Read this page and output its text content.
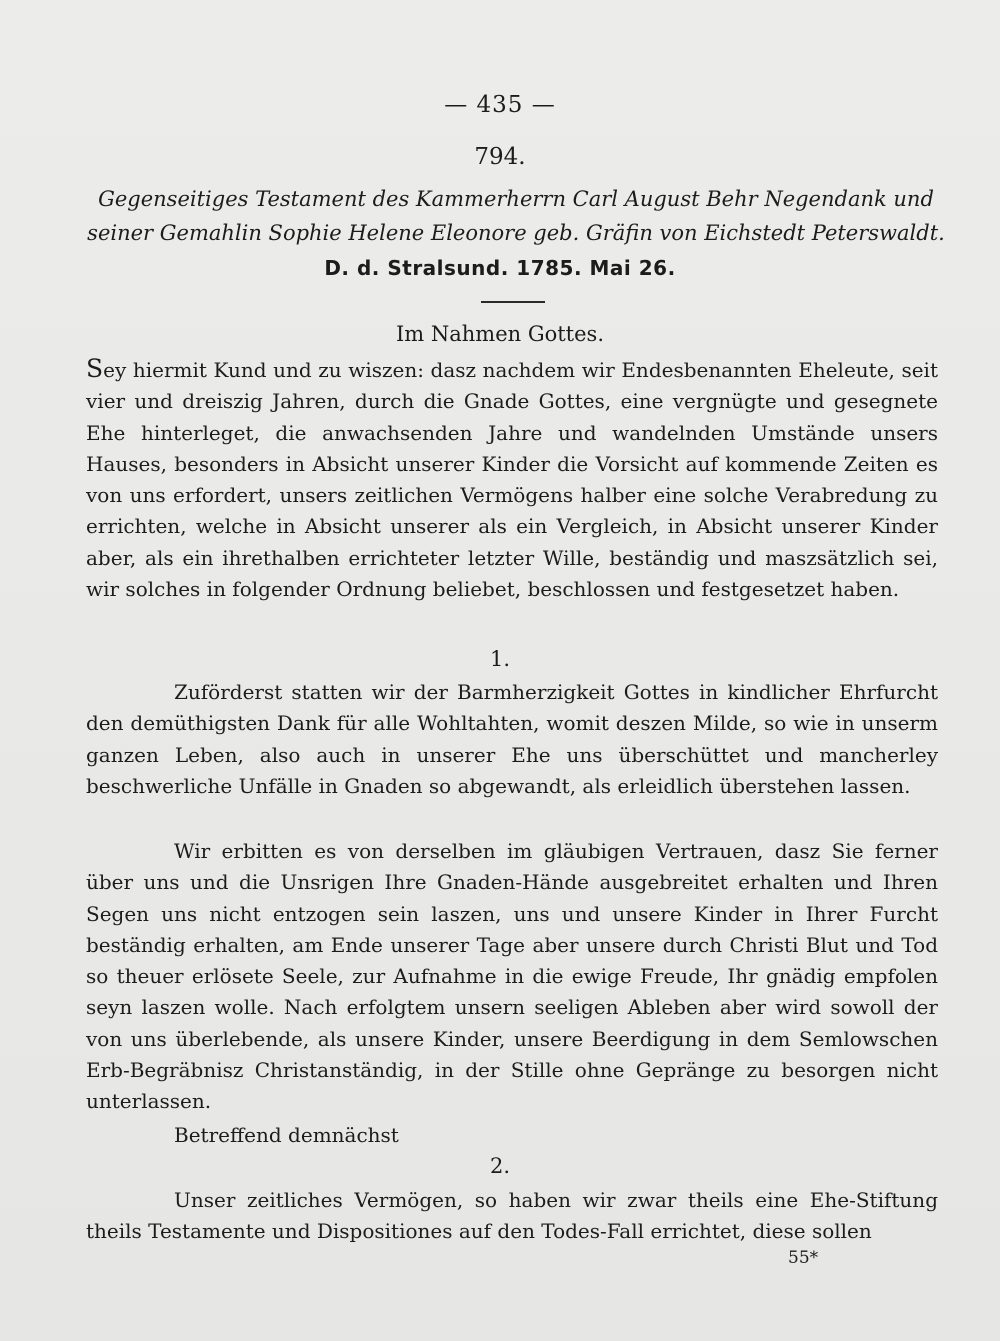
— 435 —
794.
Gegenseitiges Testament des Kammerherrn Carl August Behr Negendank und seiner Gemahlin Sophie Helene Eleonore geb. Gräfin von Eichstedt Peterswaldt.
D. d. Stralsund. 1785. Mai 26.
Im Nahmen Gottes.
Sey hiermit Kund und zu wiszen: dasz nachdem wir Endesbenannten Eheleute, seit vier und dreiszig Jahren, durch die Gnade Gottes, eine vergnügte und gesegnete Ehe hinterleget, die anwachsenden Jahre und wandelnden Umstände unsers Hauses, besonders in Absicht unserer Kinder die Vorsicht auf kommende Zeiten es von uns erfordert, unsers zeitlichen Vermögens halber eine solche Verabredung zu errichten, welche in Absicht unserer als ein Vergleich, in Absicht unserer Kinder aber, als ein ihrethalben errichteter letzter Wille, beständig und maszsätzlich sei, wir solches in folgender Ordnung beliebet, beschlossen und festgesetzet haben.
1.
Zuförderst statten wir der Barmherzigkeit Gottes in kindlicher Ehrfurcht den demüthigsten Dank für alle Wohltahten, womit deszen Milde, so wie in unserm ganzen Leben, also auch in unserer Ehe uns überschüttet und mancherley beschwerliche Unfälle in Gnaden so abgewandt, als erleidlich überstehen lassen.
Wir erbitten es von derselben im gläubigen Vertrauen, dasz Sie ferner über uns und die Unsrigen Ihre Gnaden-Hände ausgebreitet erhalten und Ihren Segen uns nicht entzogen sein laszen, uns und unsere Kinder in Ihrer Furcht beständig erhalten, am Ende unserer Tage aber unsere durch Christi Blut und Tod so theuer erlösete Seele, zur Aufnahme in die ewige Freude, Ihr gnädig empfolen seyn laszen wolle. Nach erfolgtem unsern seeligen Ableben aber wird sowoll der von uns überlebende, als unsere Kinder, unsere Beerdigung in dem Semlowschen Erb-Begräbnisz Christanständig, in der Stille ohne Gepränge zu besorgen nicht unterlassen.
Betreffend demnächst
2.
Unser zeitliches Vermögen, so haben wir zwar theils eine Ehe-Stiftung theils Testamente und Dispositiones auf den Todes-Fall errichtet, diese sollen
55*
